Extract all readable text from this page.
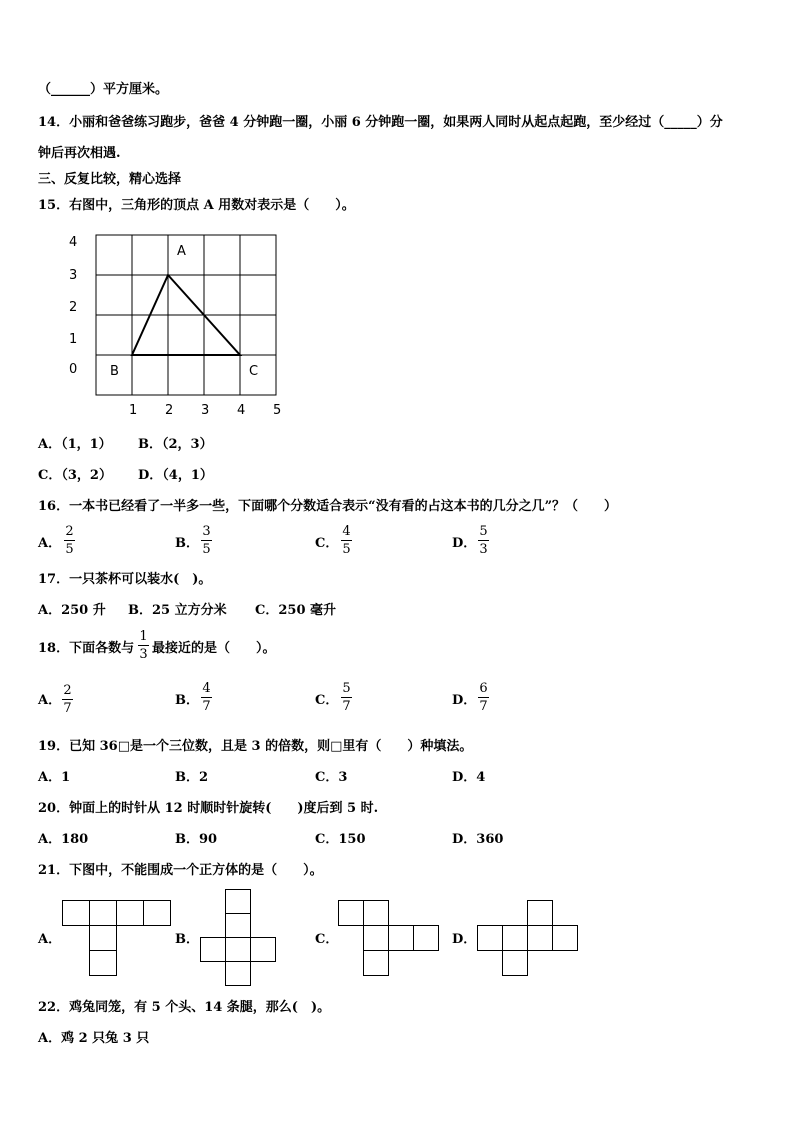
（______）平方厘米。
14．小丽和爸爸练习跑步，爸爸 4 分钟跑一圈，小丽 6 分钟跑一圈，如果两人同时从起点起跑，至少经过（_____）分
钟后再次相遇.
三、反复比较，精心选择
15．右图中，三角形的顶点 A 用数对表示是（　　）。
4
3
2
1
0
1 2 3 4 5
A
B	C
A．（1，1） B．（2，3）
C．（3，2） D．（4，1）
16．一本书已经看了一半多一些，下面哪个分数适合表示“没有看的占这本书的几分之几”？（　　）
A．
2
5	B．
3
5	C．
4
5	D．
5
3
17．一只茶杯可以装水(　)。
A．250 升 B．25 立方分米 C．250 毫升
18．下面各数与
1
3 最接近的是（　　）。
A．
2
7
B．
4
7	C．
5
7	D．
6
7
19．已知 36□是一个三位数，且是 3 的倍数，则□里有（　　）种填法。
A．1	B．2	C．3	D．4
20．钟面上的时针从 12 时顺时针旋转(　　)度后到 5 时.
A．180	B．90	C．150	D．360
21．下图中，不能围成一个正方体的是（　　）。
A．	B．	C．	D．
22．鸡兔同笼，有 5 个头、14 条腿，那么(　)。
A．鸡 2 只兔 3 只
